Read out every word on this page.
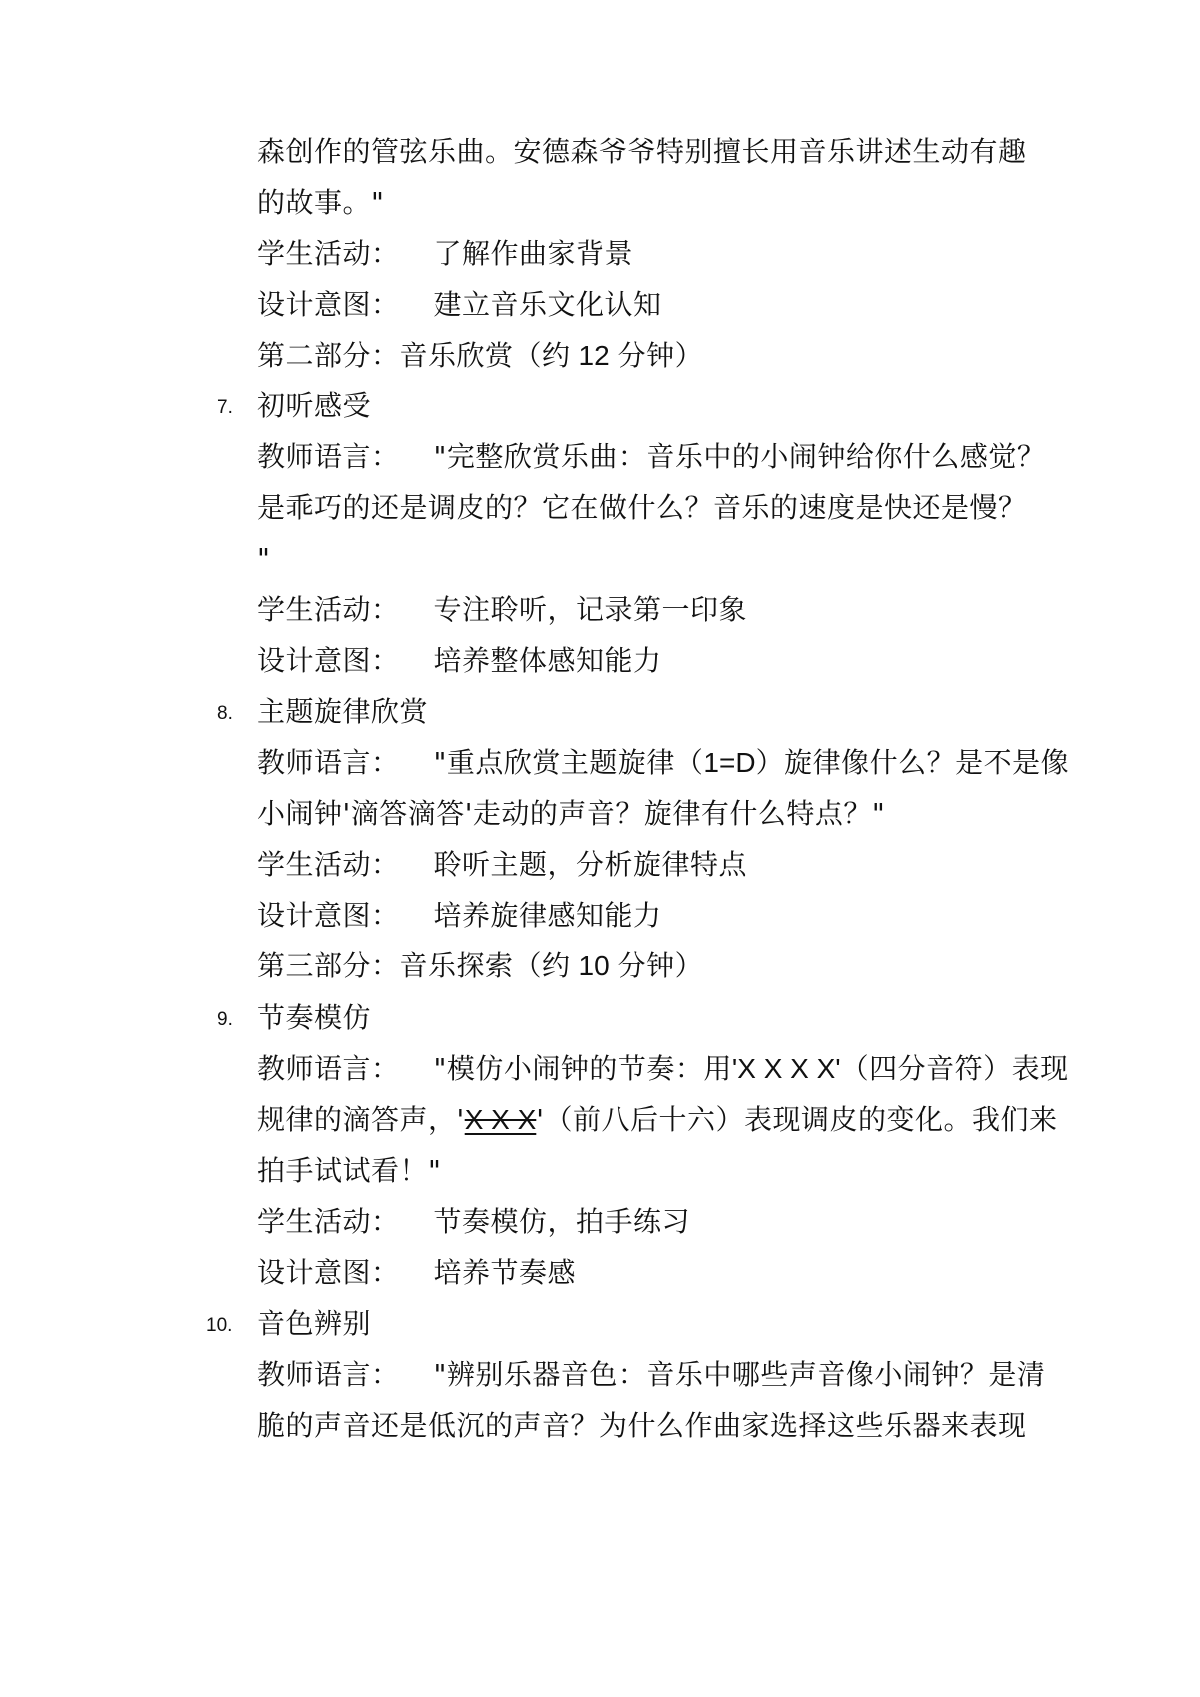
森创作的管弦乐曲。安德森爷爷特别擅长用音乐讲述生动有趣
的故事。"
学生活动： 了解作曲家背景
设计意图： 建立音乐文化认知
第二部分：音乐欣赏（约 12 分钟）
7. 初听感受
教师语言： "完整欣赏乐曲：音乐中的小闹钟给你什么感觉？
是乖巧的还是调皮的？它在做什么？音乐的速度是快还是慢？
"
学生活动： 专注聆听，记录第一印象
设计意图： 培养整体感知能力
8. 主题旋律欣赏
教师语言： "重点欣赏主题旋律（1=D）旋律像什么？是不是像
小闹钟'滴答滴答'走动的声音？旋律有什么特点？"
学生活动： 聆听主题，分析旋律特点
设计意图： 培养旋律感知能力
第三部分：音乐探索（约 10 分钟）
9. 节奏模仿
教师语言： "模仿小闹钟的节奏：用'X X X X'（四分音符）表现
规律的滴答声，'X X X'（前八后十六）表现调皮的变化。我们来
拍手试试看！"
学生活动： 节奏模仿，拍手练习
设计意图： 培养节奏感
10. 音色辨别
教师语言： "辨别乐器音色：音乐中哪些声音像小闹钟？是清
脆的声音还是低沉的声音？为什么作曲家选择这些乐器来表现
